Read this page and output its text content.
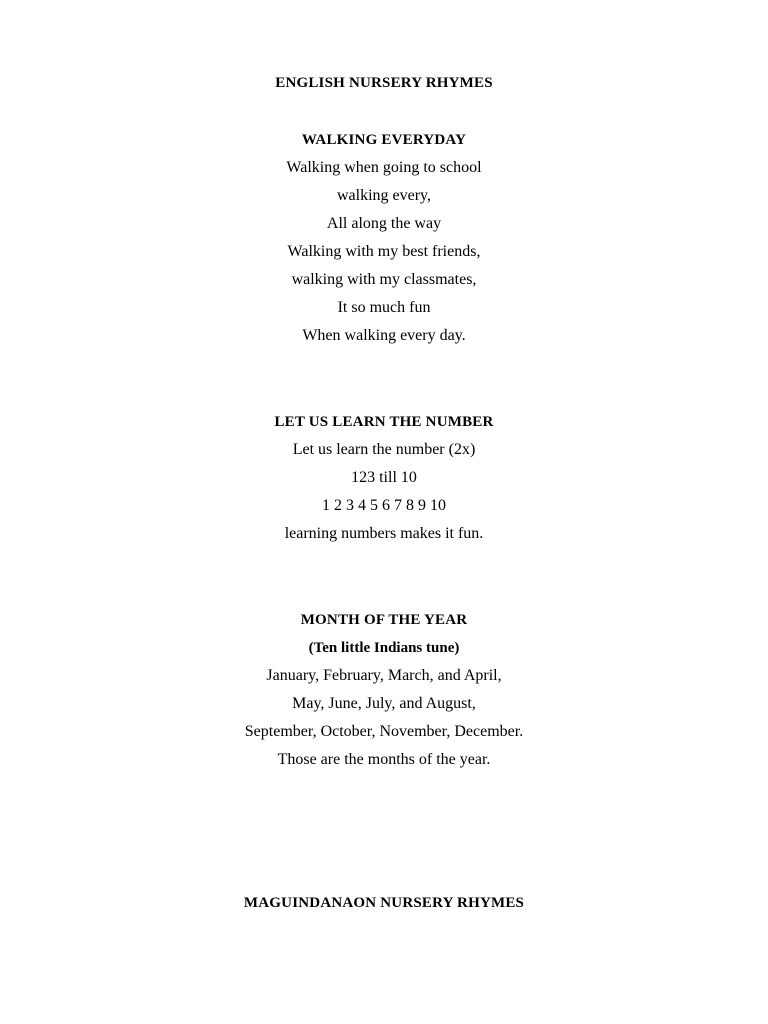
ENGLISH NURSERY RHYMES

WALKING EVERYDAY

Walking when going to school

walking every,

All along the way

Walking with my best friends,

walking with my classmates,

It so much fun

When walking every day.

LET US LEARN THE NUMBER

Let us learn the number (2x)

123 till 10

1 2 3 4 5 6 7 8 9 10

learning numbers makes it fun.

MONTH OF THE YEAR

(Ten little Indians tune)

January, February, March, and April,

May, June, July, and August,

September, October, November, December.

Those are the months of the year.

MAGUINDANAON NURSERY RHYMES
